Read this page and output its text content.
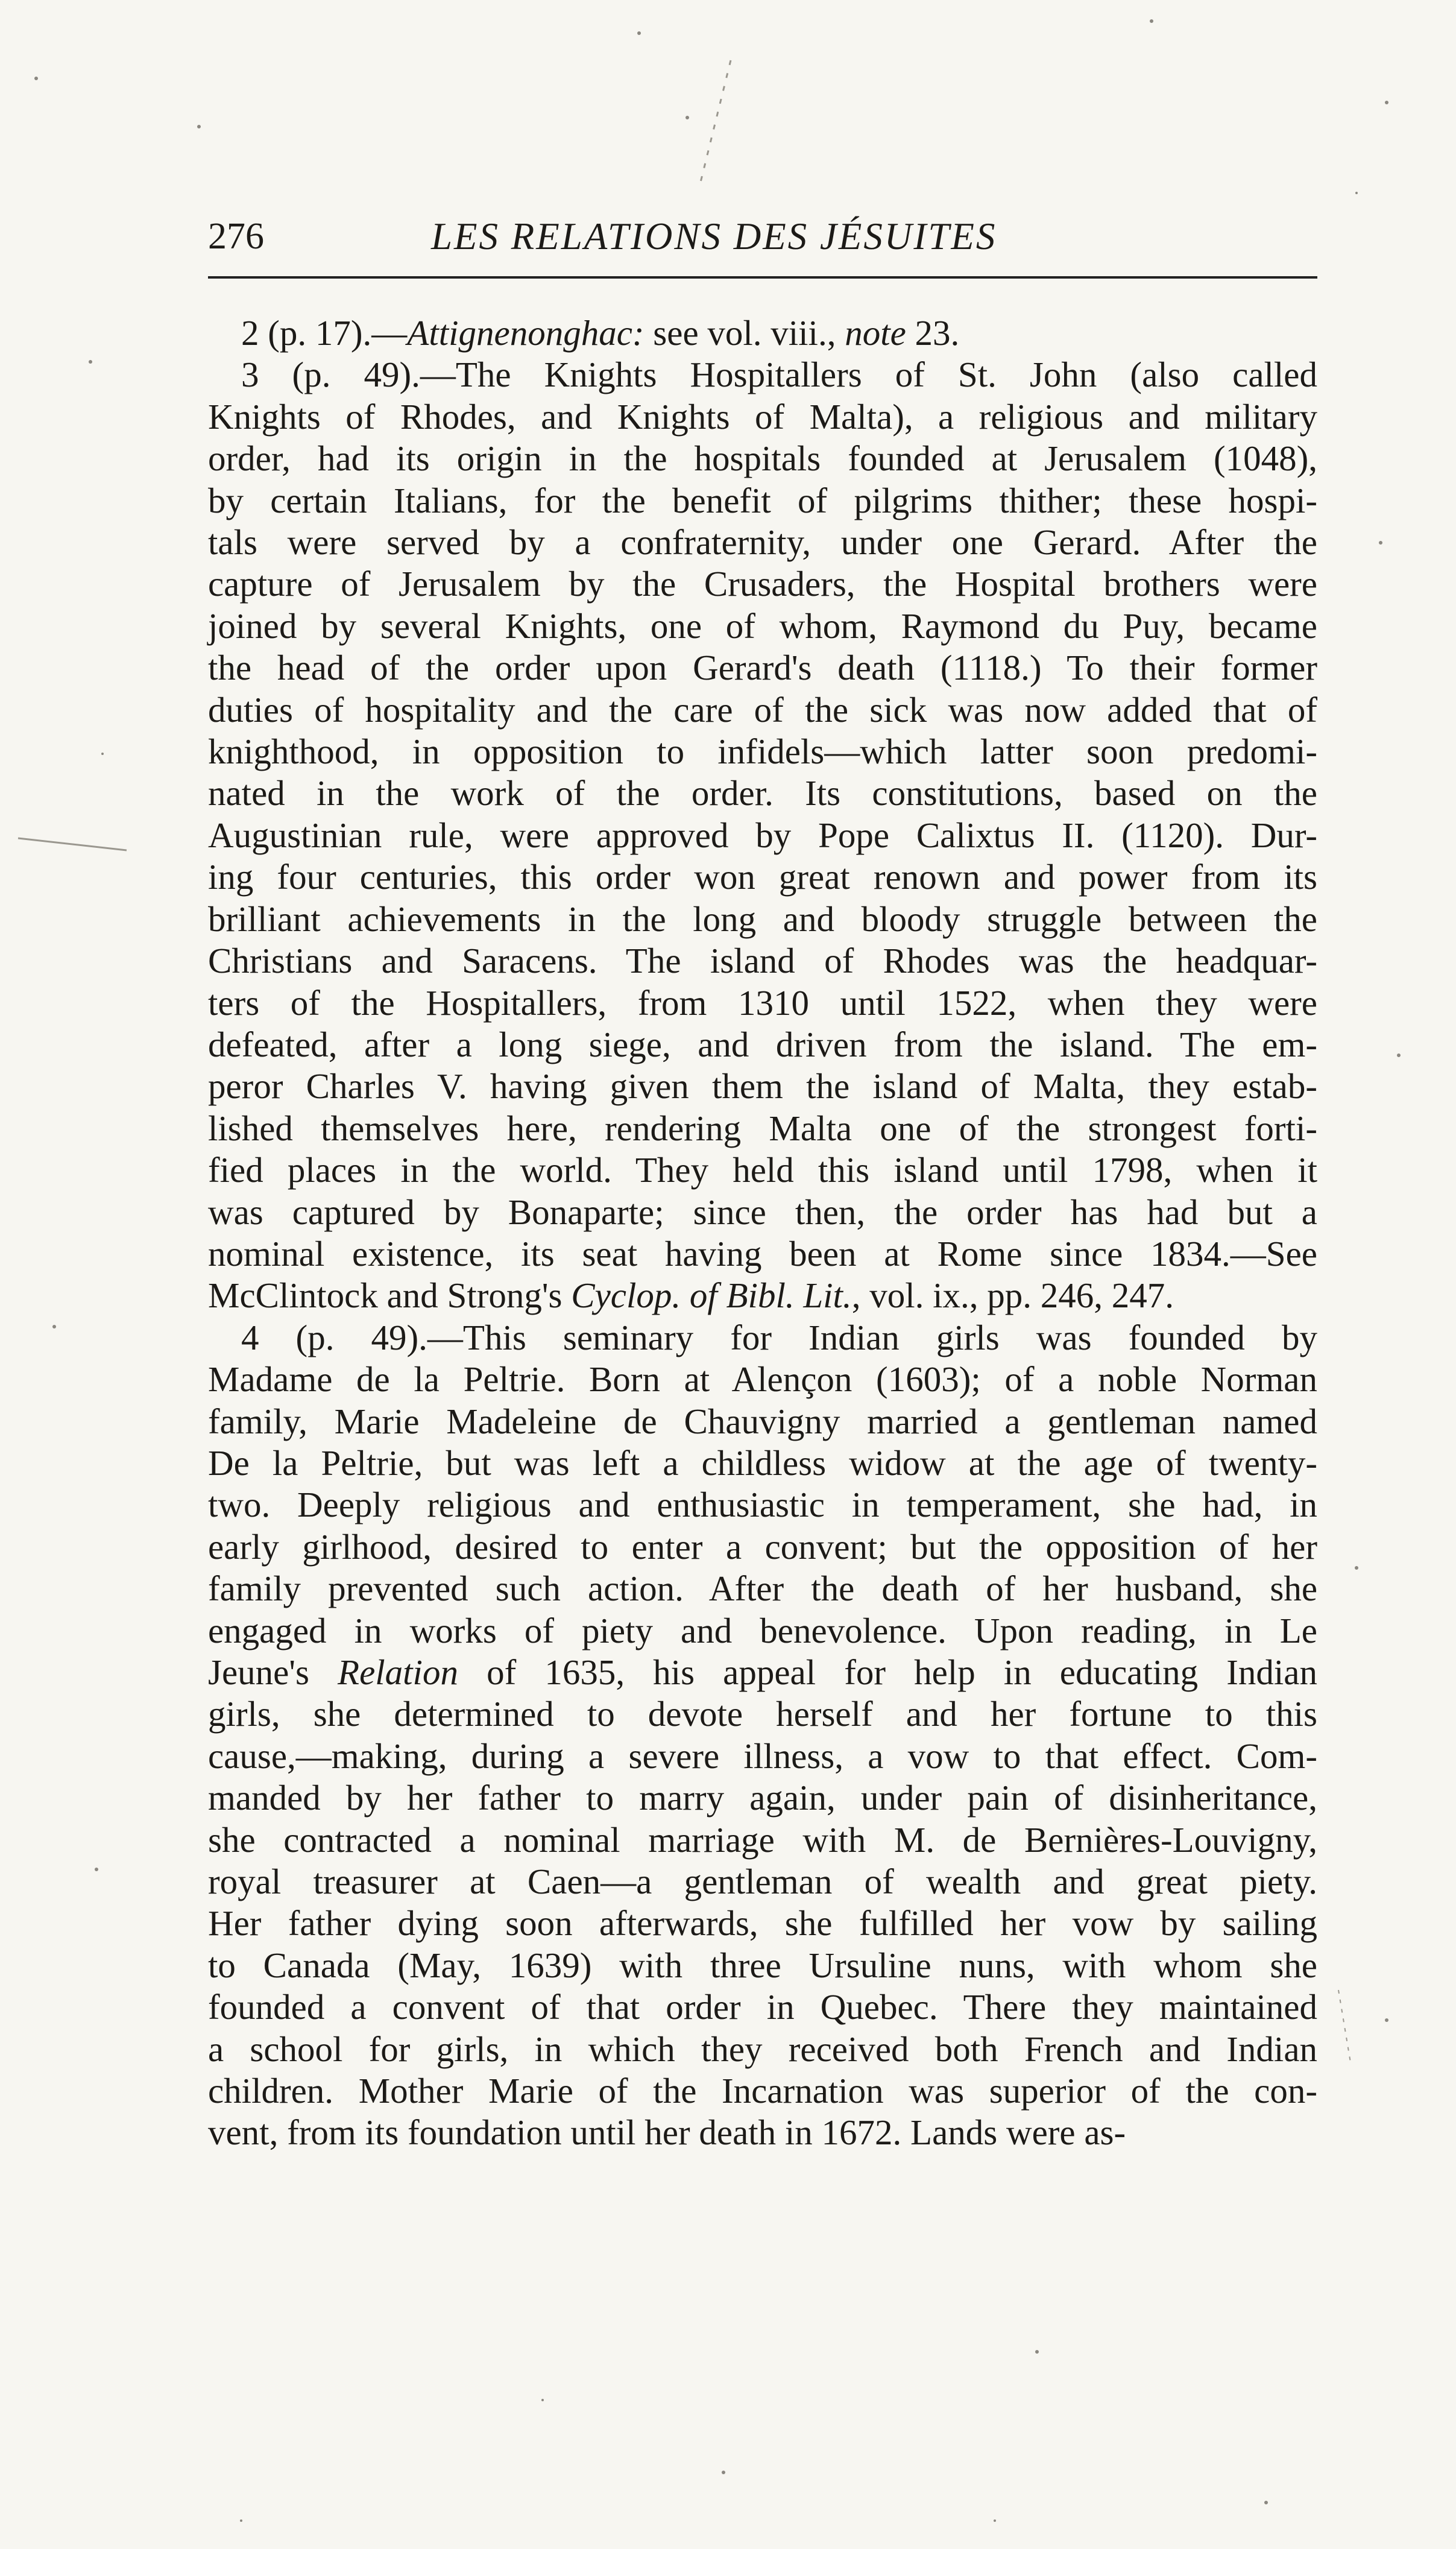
276	LES RELATIONS DES JÉSUITES

2 (p. 17).—Attignenonghac: see vol. viii., note 23.

3 (p. 49).—The Knights Hospitallers of St. John (also called
Knights of Rhodes, and Knights of Malta), a religious and military
order, had its origin in the hospitals founded at Jerusalem (1048),
by certain Italians, for the benefit of pilgrims thither; these hospi-
tals were served by a confraternity, under one Gerard. After the
capture of Jerusalem by the Crusaders, the Hospital brothers were
joined by several Knights, one of whom, Raymond du Puy, became
the head of the order upon Gerard's death (1118.) To their former
duties of hospitality and the care of the sick was now added that of
knighthood, in opposition to infidels—which latter soon predomi-
nated in the work of the order. Its constitutions, based on the
Augustinian rule, were approved by Pope Calixtus II. (1120). Dur-
ing four centuries, this order won great renown and power from its
brilliant achievements in the long and bloody struggle between the
Christians and Saracens. The island of Rhodes was the headquar-
ters of the Hospitallers, from 1310 until 1522, when they were
defeated, after a long siege, and driven from the island. The em-
peror Charles V. having given them the island of Malta, they estab-
lished themselves here, rendering Malta one of the strongest forti-
fied places in the world. They held this island until 1798, when it
was captured by Bonaparte; since then, the order has had but a
nominal existence, its seat having been at Rome since 1834.—See
McClintock and Strong's Cyclop. of Bibl. Lit., vol. ix., pp. 246, 247.

4 (p. 49).—This seminary for Indian girls was founded by
Madame de la Peltrie. Born at Alençon (1603); of a noble Norman
family, Marie Madeleine de Chauvigny married a gentleman named
De la Peltrie, but was left a childless widow at the age of twenty-
two. Deeply religious and enthusiastic in temperament, she had, in
early girlhood, desired to enter a convent; but the opposition of her
family prevented such action. After the death of her husband, she
engaged in works of piety and benevolence. Upon reading, in Le
Jeune's Relation of 1635, his appeal for help in educating Indian
girls, she determined to devote herself and her fortune to this
cause,—making, during a severe illness, a vow to that effect. Com-
manded by her father to marry again, under pain of disinheritance,
she contracted a nominal marriage with M. de Bernières-Louvigny,
royal treasurer at Caen—a gentleman of wealth and great piety.
Her father dying soon afterwards, she fulfilled her vow by sailing
to Canada (May, 1639) with three Ursuline nuns, with whom she
founded a convent of that order in Quebec. There they maintained
a school for girls, in which they received both French and Indian
children. Mother Marie of the Incarnation was superior of the con-
vent, from its foundation until her death in 1672. Lands were as-
